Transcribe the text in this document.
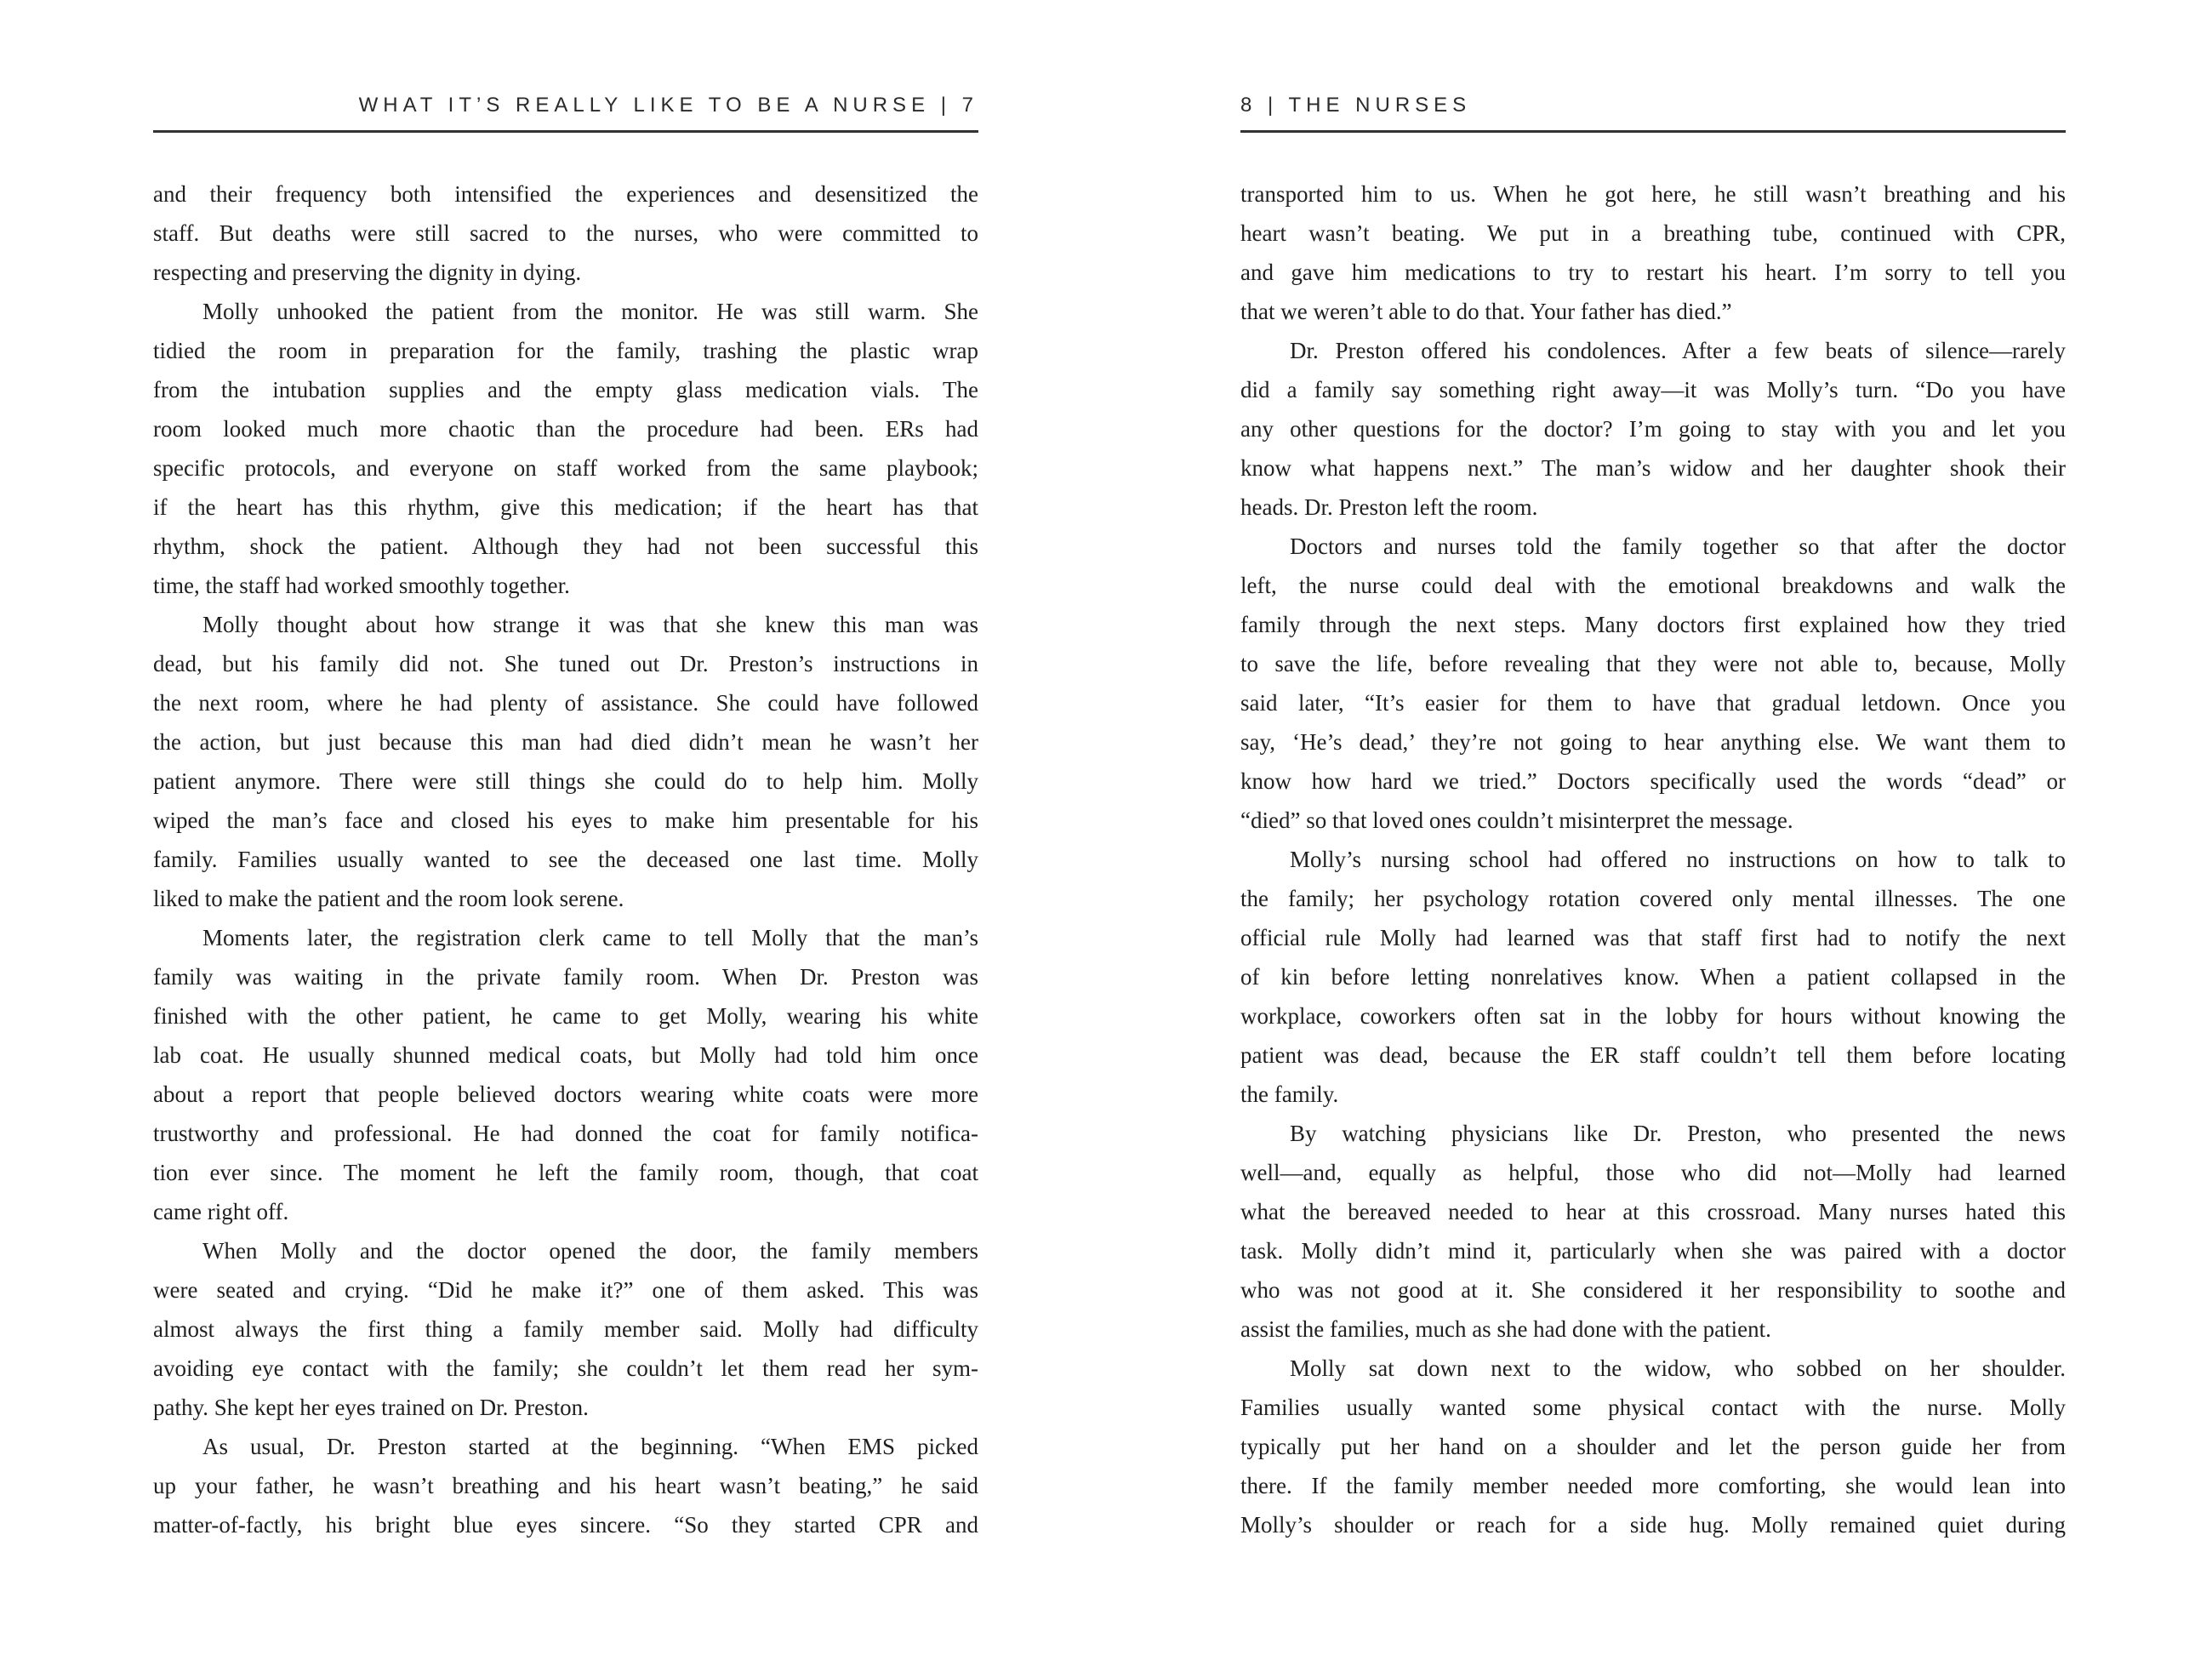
WHAT IT’S REALLY LIKE TO BE A NURSE | 7
and their frequency both intensified the experiences and desensitized the
staff. But deaths were still sacred to the nurses, who were committed to
respecting and preserving the dignity in dying.
Molly unhooked the patient from the monitor. He was still warm. She
tidied the room in preparation for the family, trashing the plastic wrap
from the intubation supplies and the empty glass medication vials. The
room looked much more chaotic than the procedure had been. ERs had
specific protocols, and everyone on staff worked from the same playbook;
if the heart has this rhythm, give this medication; if the heart has that
rhythm, shock the patient. Although they had not been successful this
time, the staff had worked smoothly together.
Molly thought about how strange it was that she knew this man was
dead, but his family did not. She tuned out Dr. Preston’s instructions in
the next room, where he had plenty of assistance. She could have followed
the action, but just because this man had died didn’t mean he wasn’t her
patient anymore. There were still things she could do to help him. Molly
wiped the man’s face and closed his eyes to make him presentable for his
family. Families usually wanted to see the deceased one last time. Molly
liked to make the patient and the room look serene.
Moments later, the registration clerk came to tell Molly that the man’s
family was waiting in the private family room. When Dr. Preston was
finished with the other patient, he came to get Molly, wearing his white
lab coat. He usually shunned medical coats, but Molly had told him once
about a report that people believed doctors wearing white coats were more
trustworthy and professional. He had donned the coat for family notifica-
tion ever since. The moment he left the family room, though, that coat
came right off.
When Molly and the doctor opened the door, the family members
were seated and crying. “Did he make it?” one of them asked. This was
almost always the first thing a family member said. Molly had difficulty
avoiding eye contact with the family; she couldn’t let them read her sym-
pathy. She kept her eyes trained on Dr. Preston.
As usual, Dr. Preston started at the beginning. “When EMS picked
up your father, he wasn’t breathing and his heart wasn’t beating,” he said
matter-of-factly, his bright blue eyes sincere. “So they started CPR and
8 | THE NURSES
transported him to us. When he got here, he still wasn’t breathing and his
heart wasn’t beating. We put in a breathing tube, continued with CPR,
and gave him medications to try to restart his heart. I’m sorry to tell you
that we weren’t able to do that. Your father has died.”
Dr. Preston offered his condolences. After a few beats of silence—rarely
did a family say something right away—it was Molly’s turn. “Do you have
any other questions for the doctor? I’m going to stay with you and let you
know what happens next.” The man’s widow and her daughter shook their
heads. Dr. Preston left the room.
Doctors and nurses told the family together so that after the doctor
left, the nurse could deal with the emotional breakdowns and walk the
family through the next steps. Many doctors first explained how they tried
to save the life, before revealing that they were not able to, because, Molly
said later, “It’s easier for them to have that gradual letdown. Once you
say, ‘He’s dead,’ they’re not going to hear anything else. We want them to
know how hard we tried.” Doctors specifically used the words “dead” or
“died” so that loved ones couldn’t misinterpret the message.
Molly’s nursing school had offered no instructions on how to talk to
the family; her psychology rotation covered only mental illnesses. The one
official rule Molly had learned was that staff first had to notify the next
of kin before letting nonrelatives know. When a patient collapsed in the
workplace, coworkers often sat in the lobby for hours without knowing the
patient was dead, because the ER staff couldn’t tell them before locating
the family.
By watching physicians like Dr. Preston, who presented the news
well—and, equally as helpful, those who did not—Molly had learned
what the bereaved needed to hear at this crossroad. Many nurses hated this
task. Molly didn’t mind it, particularly when she was paired with a doctor
who was not good at it. She considered it her responsibility to soothe and
assist the families, much as she had done with the patient.
Molly sat down next to the widow, who sobbed on her shoulder.
Families usually wanted some physical contact with the nurse. Molly
typically put her hand on a shoulder and let the person guide her from
there. If the family member needed more comforting, she would lean into
Molly’s shoulder or reach for a side hug. Molly remained quiet during
